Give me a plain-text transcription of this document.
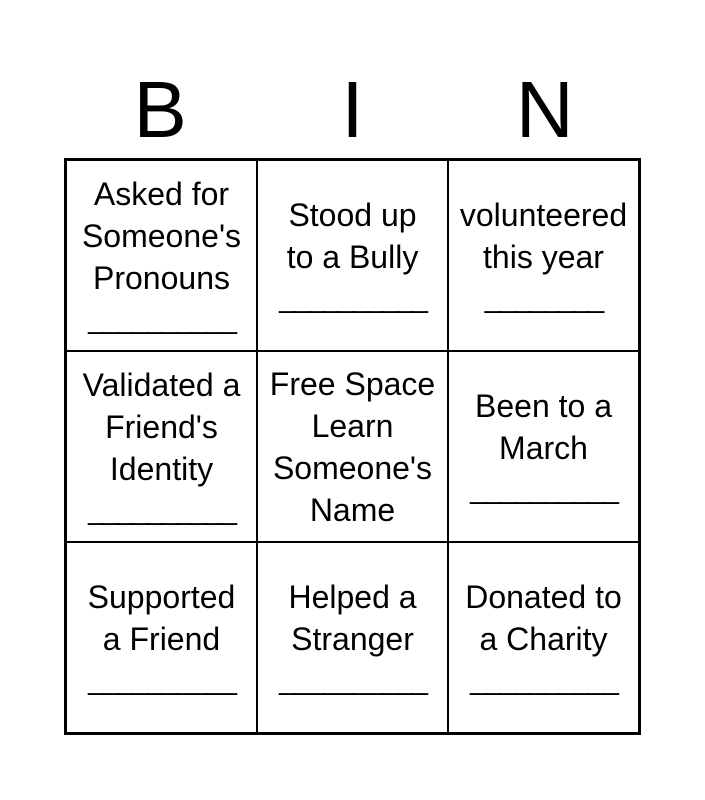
B	I	N
Asked for
Someone's
Pronouns
__________
Stood up
to a Bully
__________
volunteered
this year
________
Validated a
Friend's
Identity
__________
Free Space
Learn
Someone's
Name
Been to a
March
__________
Supported
a Friend
__________
Helped a
Stranger
__________
Donated to
a Charity
__________
